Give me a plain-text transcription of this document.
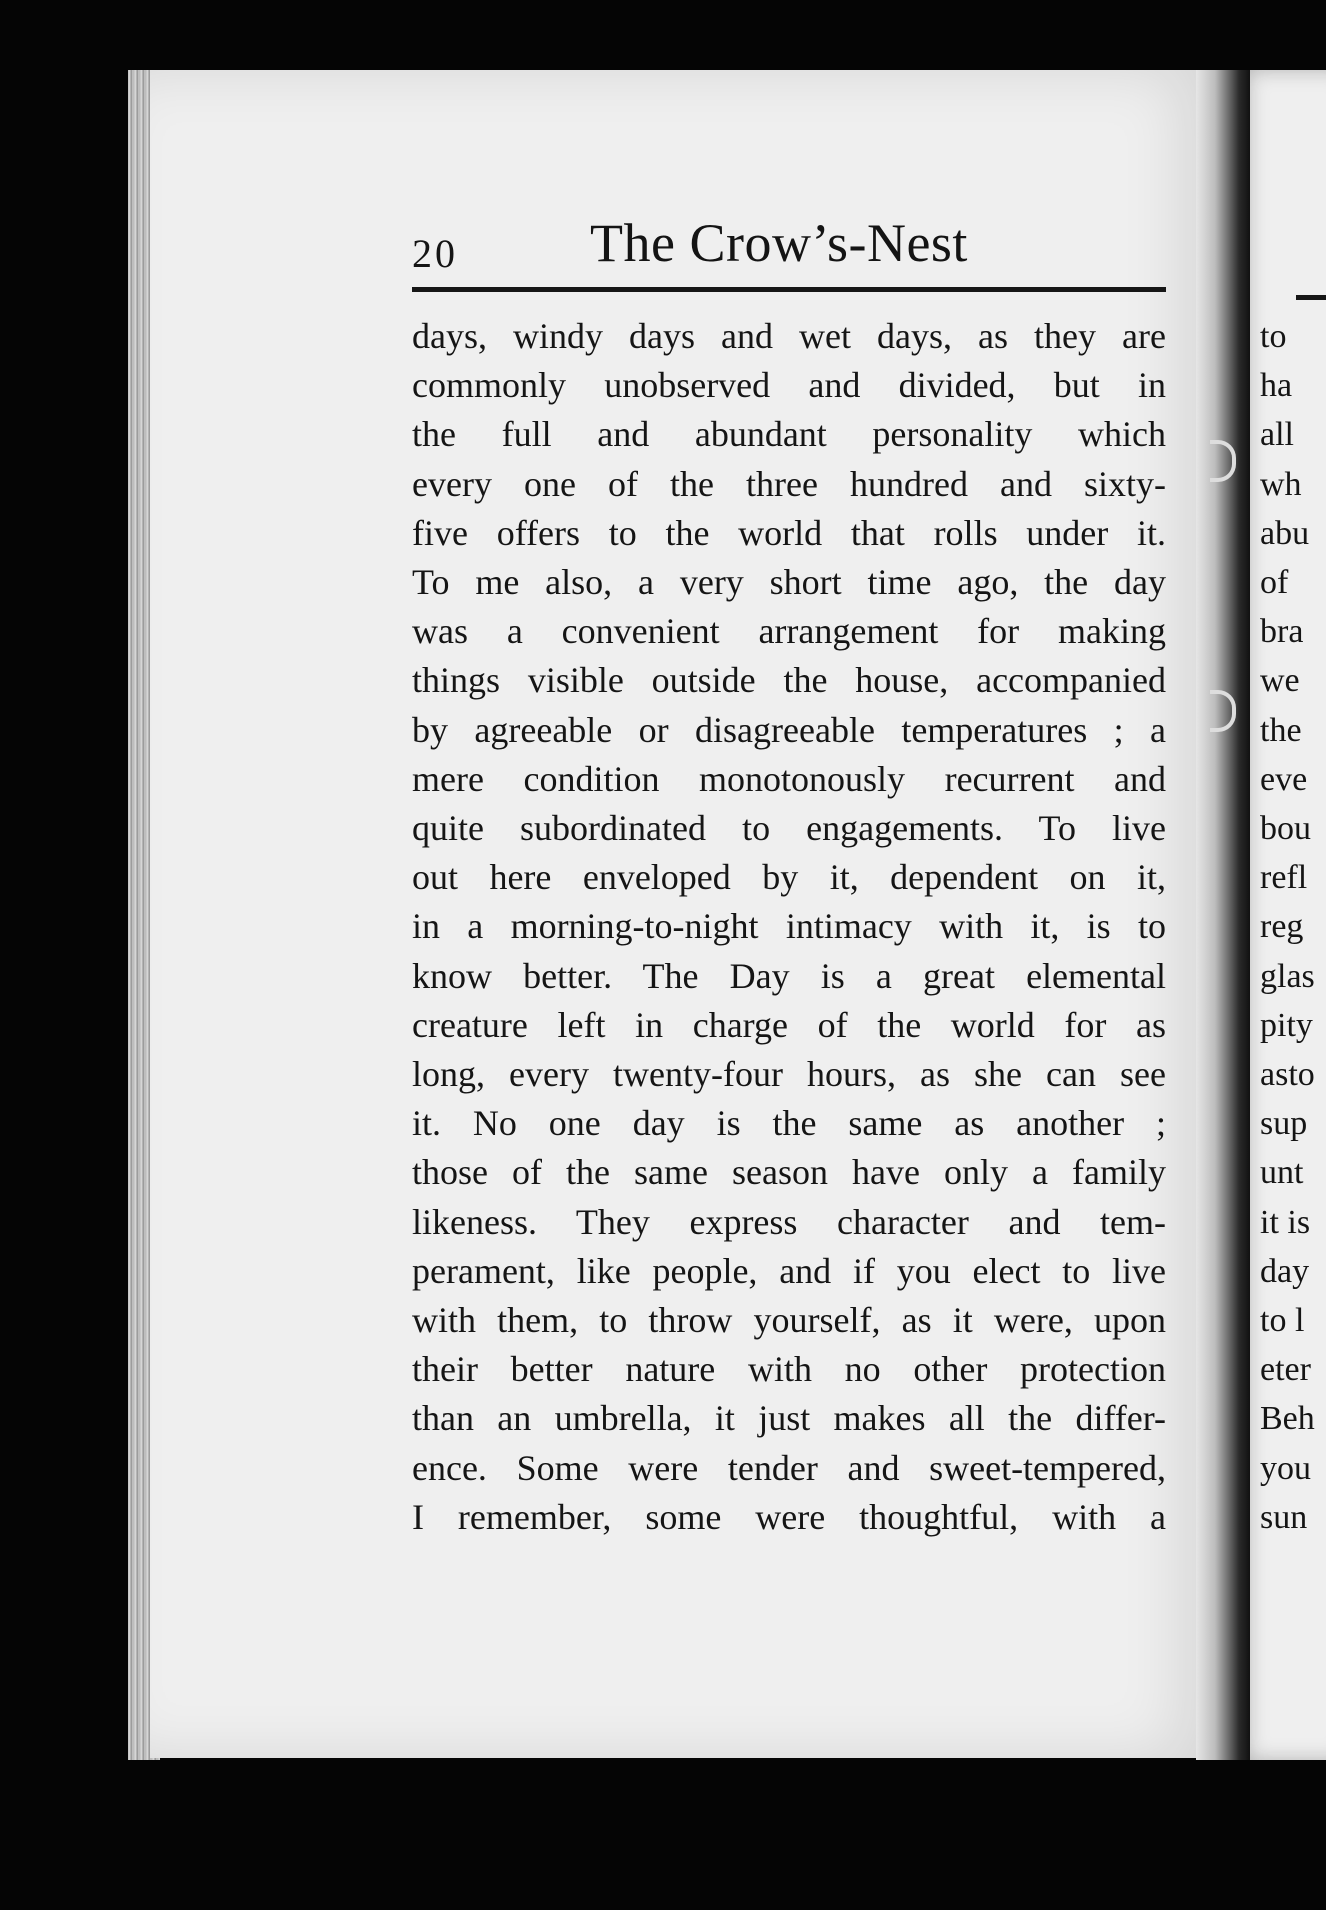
20 The Crow’s-Nest
days, windy days and wet days, as they are
commonly unobserved and divided, but in
the full and abundant personality which
every one of the three hundred and sixty-
five offers to the world that rolls under it.
To me also, a very short time ago, the day
was a convenient arrangement for making
things visible outside the house, accompanied
by agreeable or disagreeable temperatures ; a
mere condition monotonously recurrent and
quite subordinated to engagements. To live
out here enveloped by it, dependent on it,
in a morning-to-night intimacy with it, is to
know better. The Day is a great elemental
creature left in charge of the world for as
long, every twenty-four hours, as she can see
it. No one day is the same as another ;
those of the same season have only a family
likeness. They express character and tem-
perament, like people, and if you elect to live
with them, to throw yourself, as it were, upon
their better nature with no other protection
than an umbrella, it just makes all the differ-
ence. Some were tender and sweet-tempered,
I remember, some were thoughtful, with a
to
ha
all
wh
abu
of
bra
we
the
eve
bou
refl
reg
glas
pity
asto
sup
unt
it is
day
to l
eter
Beh
you
sun
